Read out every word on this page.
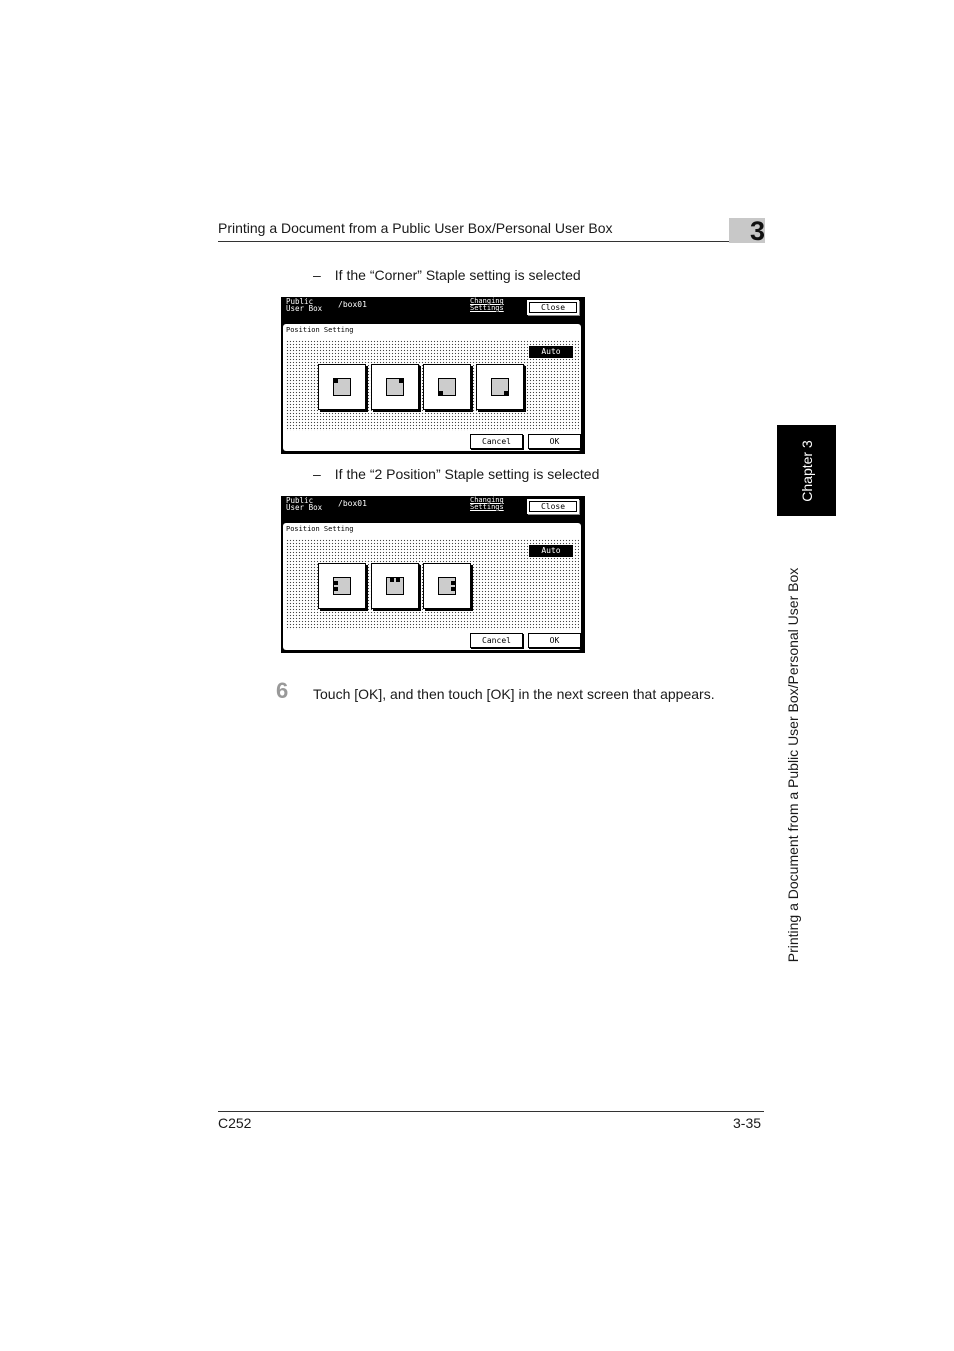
Printing a Document from a Public User Box/Personal User Box	3
– If the “Corner” Staple setting is selected
Public User Box	/box01	Changing Settings	Close
Position Setting
Auto
Cancel	OK
– If the “2 Position” Staple setting is selected
Public User Box	/box01	Changing Settings	Close
Position Setting
Auto
Cancel	OK
6 Touch [OK], and then touch [OK] in the next screen that appears.
Chapter 3
Printing a Document from a Public User Box/Personal User Box
C252	3-35
